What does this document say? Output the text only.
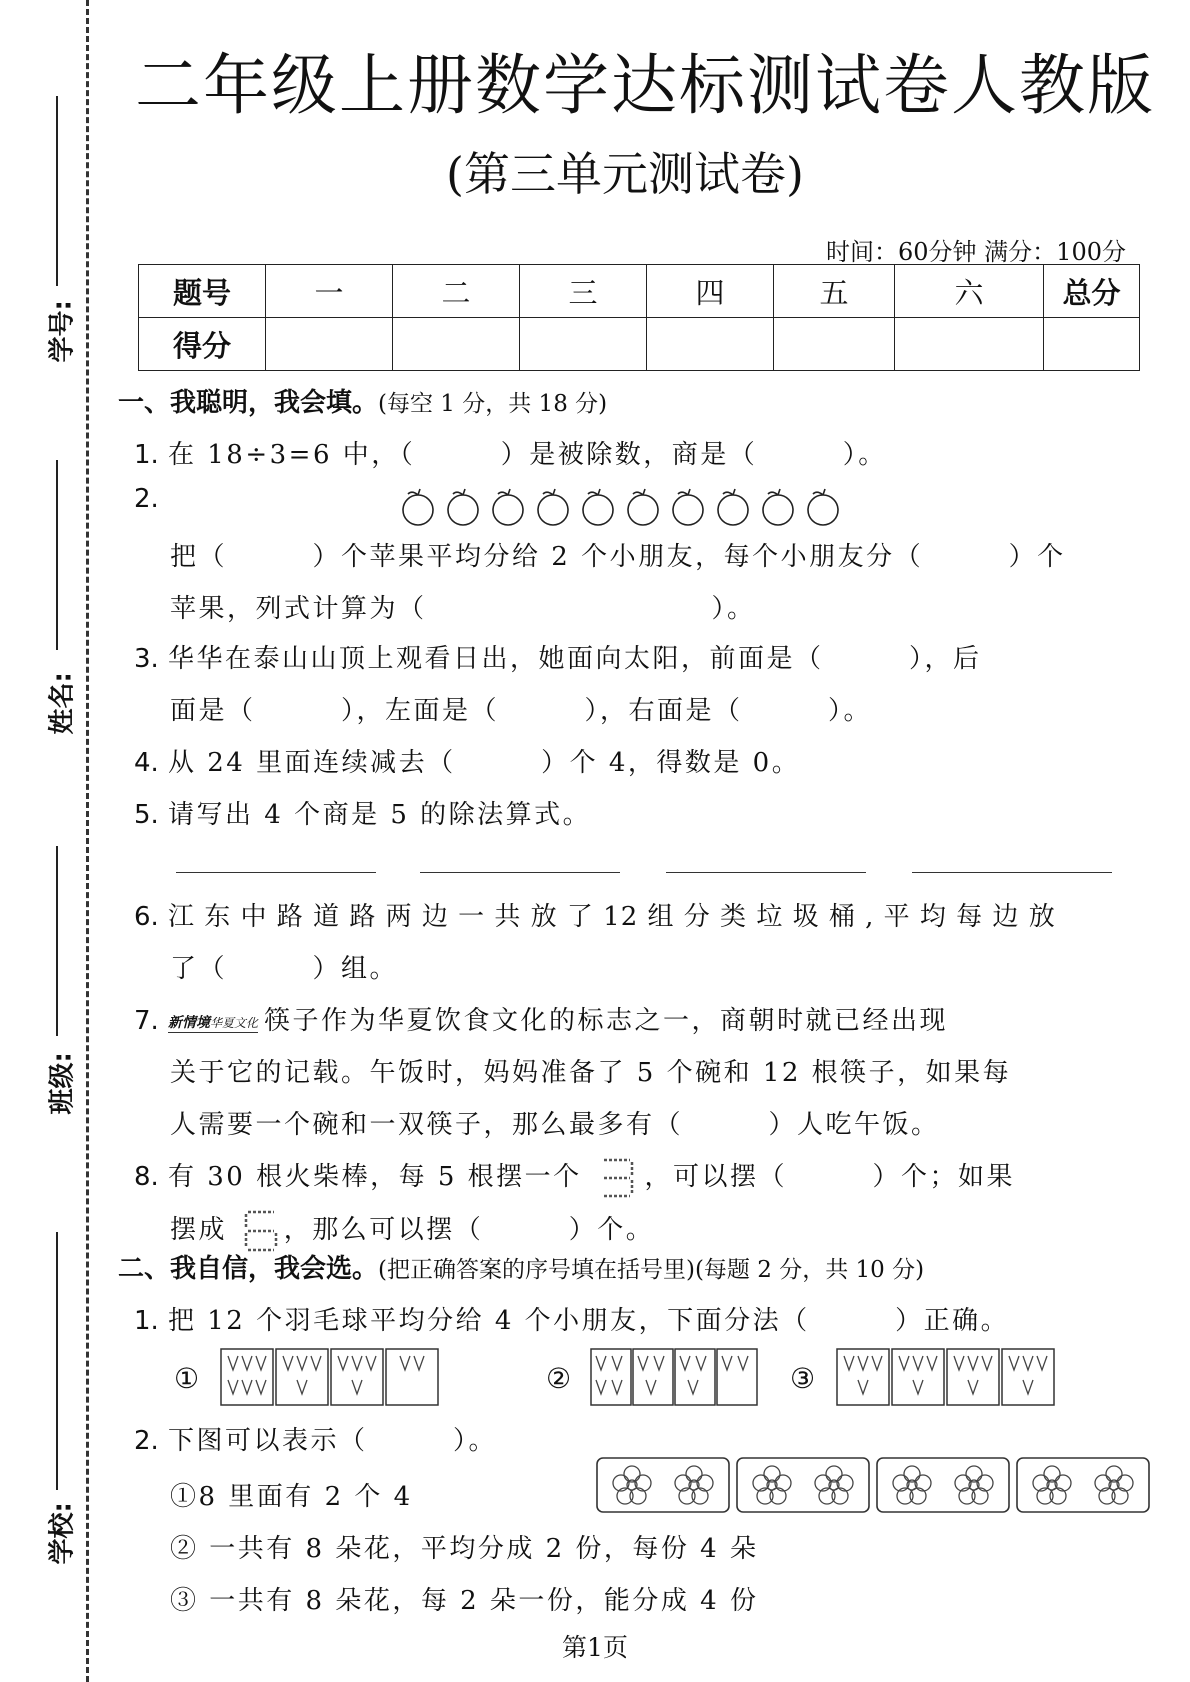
学号:
姓名:
班级:
学校:
二年级上册数学达标测试卷人教版
(第三单元测试卷)
时间：60分钟 满分：100分
题号	一	二	三	四	五	六	总分
得分							
一、我聪明，我会填。(每空 1 分，共 18 分)
1. 在 18÷3=6 中，（　　　）是被除数，商是（　　　）。
2.
把（　　　）个苹果平均分给 2 个小朋友，每个小朋友分（　　　）个
苹果，列式计算为（　　　　　　　　　　）。
3. 华华在泰山山顶上观看日出，她面向太阳，前面是（　　　），后
面是（　　　），左面是（　　　），右面是（　　　）。
4. 从 24 里面连续减去（　　　）个 4，得数是 0。
5. 请写出 4 个商是 5 的除法算式。
6. 江 东 中 路 道 路 两 边 一 共 放 了 12 组 分 类 垃 圾 桶 , 平 均 每 边 放
了（　　　）组。
7. 新情境华夏文化 筷子作为华夏饮食文化的标志之一，商朝时就已经出现
关于它的记载。午饭时，妈妈准备了 5 个碗和 12 根筷子，如果每
人需要一个碗和一双筷子，那么最多有（　　　）人吃午饭。
8. 有 30 根火柴棒，每 5 根摆一个 ，可以摆（　　　）个；如果
摆成 ，那么可以摆（　　　）个。
二、我自信，我会选。(把正确答案的序号填在括号里)(每题 2 分，共 10 分)
1. 把 12 个羽毛球平均分给 4 个小朋友，下面分法（　　　）正确。
①	②	③
2. 下图可以表示（　　　）。
①8 里面有 2 个 4
② 一共有 8 朵花，平均分成 2 份，每份 4 朵
③ 一共有 8 朵花，每 2 朵一份，能分成 4 份
第1页
